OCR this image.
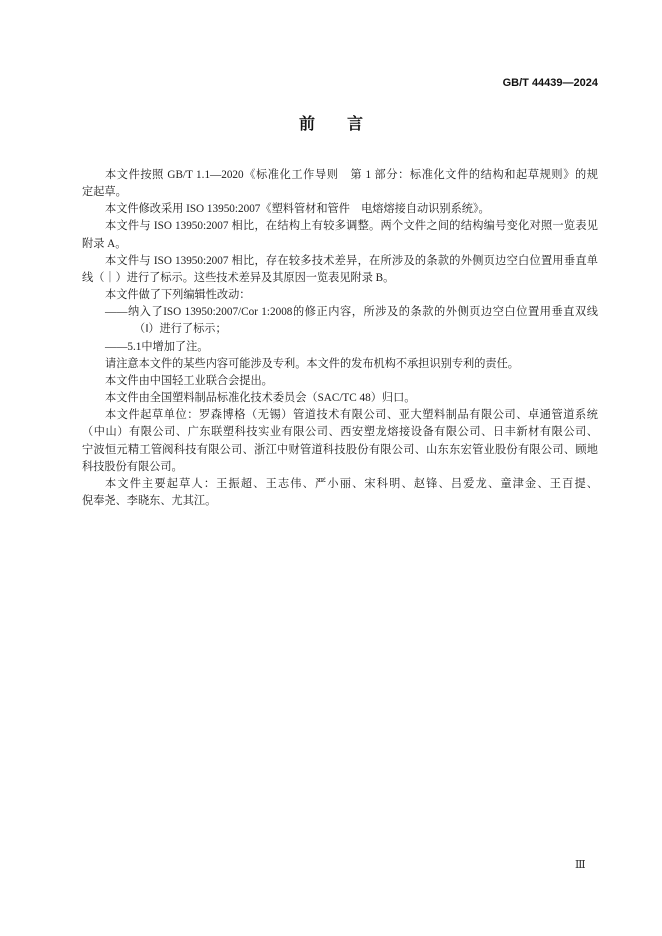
GB/T 44439—2024
前　　言
本文件按照 GB/T 1.1—2020《标准化工作导则　第 1 部分：标准化文件的结构和起草规则》的规
定起草。
本文件修改采用 ISO 13950:2007《塑料管材和管件　电熔熔接自动识别系统》。
本文件与 ISO 13950:2007 相比，在结构上有较多调整。两个文件之间的结构编号变化对照一览表见
附录 A。
本文件与 ISO 13950:2007 相比，存在较多技术差异，在所涉及的条款的外侧页边空白位置用垂直单
线（｜）进行了标示。这些技术差异及其原因一览表见附录 B。
本文件做了下列编辑性改动：
——纳入了ISO 13950:2007/Cor 1:2008的修正内容，所涉及的条款的外侧页边空白位置用垂直双线
（‖）进行了标示；
——5.1中增加了注。
请注意本文件的某些内容可能涉及专利。本文件的发布机构不承担识别专利的责任。
本文件由中国轻工业联合会提出。
本文件由全国塑料制品标准化技术委员会（SAC/TC 48）归口。
本文件起草单位：罗森博格（无锡）管道技术有限公司、亚大塑料制品有限公司、卓通管道系统
（中山）有限公司、广东联塑科技实业有限公司、西安塑龙熔接设备有限公司、日丰新材有限公司、
宁波恒元精工管阀科技有限公司、浙江中财管道科技股份有限公司、山东东宏管业股份有限公司、顾地
科技股份有限公司。
本文件主要起草人：王振超、王志伟、严小丽、宋科明、赵锋、吕爱龙、童津金、王百提、
倪奉尧、李晓东、尤其江。
Ⅲ
